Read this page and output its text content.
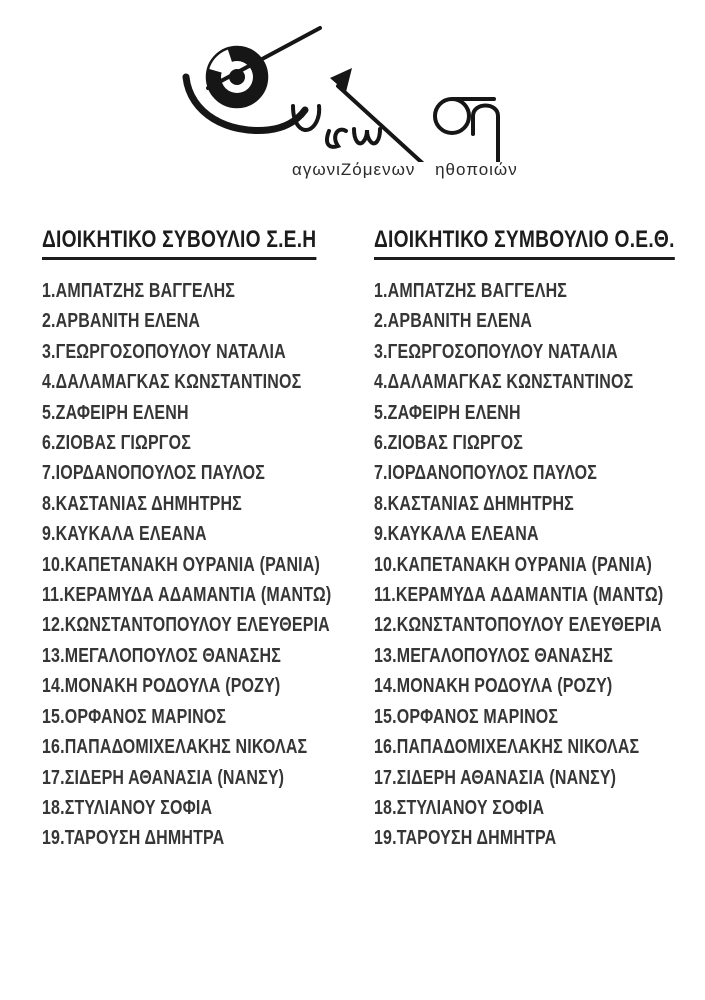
αγωνιΖόμενων ηθοποιών
ΔΙΟΙΚΗΤΙΚΟ ΣΥΒΟΥΛΙΟ Σ.Ε.Η
1.ΑΜΠΑΤΖΗΣ ΒΑΓΓΕΛΗΣ
2.ΑΡΒΑΝΙΤΗ ΕΛΕΝΑ
3.ΓΕΩΡΓΟΣΟΠΟΥΛΟΥ ΝΑΤΑΛΙΑ
4.ΔΑΛΑΜΑΓΚΑΣ ΚΩΝΣΤΑΝΤΙΝΟΣ
5.ΖΑΦΕΙΡΗ ΕΛΕΝΗ
6.ΖΙΟΒΑΣ ΓΙΩΡΓΟΣ
7.ΙΟΡΔΑΝΟΠΟΥΛΟΣ ΠΑΥΛΟΣ
8.ΚΑΣΤΑΝΙΑΣ ΔΗΜΗΤΡΗΣ
9.ΚΑΥΚΑΛΑ ΕΛΕΑΝΑ
10.ΚΑΠΕΤΑΝΑΚΗ ΟΥΡΑΝΙΑ (ΡΑΝΙΑ)
11.ΚΕΡΑΜΥΔΑ ΑΔΑΜΑΝΤΙΑ (ΜΑΝΤΩ)
12.ΚΩΝΣΤΑΝΤΟΠΟΥΛΟΥ ΕΛΕΥΘΕΡΙΑ
13.ΜΕΓΑΛΟΠΟΥΛΟΣ ΘΑΝΑΣΗΣ
14.ΜΟΝΑΚΗ ΡΟΔΟΥΛΑ (ΡΟΖΥ)
15.ΟΡΦΑΝΟΣ ΜΑΡΙΝΟΣ
16.ΠΑΠΑΔΟΜΙΧΕΛΑΚΗΣ ΝΙΚΟΛΑΣ
17.ΣΙΔΕΡΗ ΑΘΑΝΑΣΙΑ (ΝΑΝΣΥ)
18.ΣΤΥΛΙΑΝΟΥ ΣΟΦΙΑ
19.ΤΑΡΟΥΣΗ ΔΗΜΗΤΡΑ
ΔΙΟΙΚΗΤΙΚΟ ΣΥΜΒΟΥΛΙΟ Ο.Ε.Θ.
1.ΑΜΠΑΤΖΗΣ ΒΑΓΓΕΛΗΣ
2.ΑΡΒΑΝΙΤΗ ΕΛΕΝΑ
3.ΓΕΩΡΓΟΣΟΠΟΥΛΟΥ ΝΑΤΑΛΙΑ
4.ΔΑΛΑΜΑΓΚΑΣ ΚΩΝΣΤΑΝΤΙΝΟΣ
5.ΖΑΦΕΙΡΗ ΕΛΕΝΗ
6.ΖΙΟΒΑΣ ΓΙΩΡΓΟΣ
7.ΙΟΡΔΑΝΟΠΟΥΛΟΣ ΠΑΥΛΟΣ
8.ΚΑΣΤΑΝΙΑΣ ΔΗΜΗΤΡΗΣ
9.ΚΑΥΚΑΛΑ ΕΛΕΑΝΑ
10.ΚΑΠΕΤΑΝΑΚΗ ΟΥΡΑΝΙΑ (ΡΑΝΙΑ)
11.ΚΕΡΑΜΥΔΑ ΑΔΑΜΑΝΤΙΑ (ΜΑΝΤΩ)
12.ΚΩΝΣΤΑΝΤΟΠΟΥΛΟΥ ΕΛΕΥΘΕΡΙΑ
13.ΜΕΓΑΛΟΠΟΥΛΟΣ ΘΑΝΑΣΗΣ
14.ΜΟΝΑΚΗ ΡΟΔΟΥΛΑ (ΡΟΖΥ)
15.ΟΡΦΑΝΟΣ ΜΑΡΙΝΟΣ
16.ΠΑΠΑΔΟΜΙΧΕΛΑΚΗΣ ΝΙΚΟΛΑΣ
17.ΣΙΔΕΡΗ ΑΘΑΝΑΣΙΑ (ΝΑΝΣΥ)
18.ΣΤΥΛΙΑΝΟΥ ΣΟΦΙΑ
19.ΤΑΡΟΥΣΗ ΔΗΜΗΤΡΑ
